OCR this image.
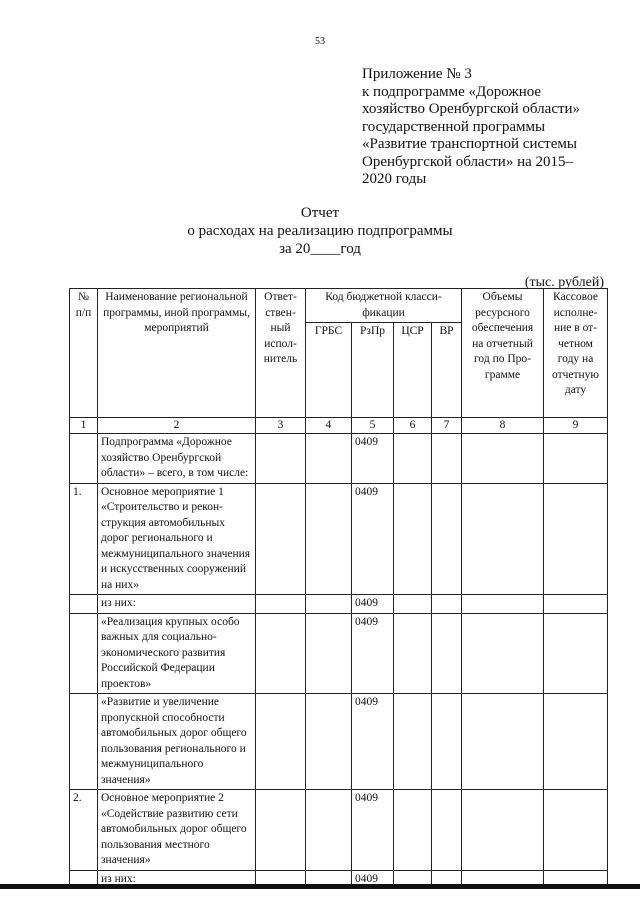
53
Приложение № 3
к подпрограмме «Дорожное
хозяйство Оренбургской области»
государственной программы
«Развитие транспортной системы
Оренбургской области» на 2015–
2020 годы
Отчет
о расходах на реализацию подпрограммы
за 20____год
(тыс. рублей)
№ п/п	Наименование региональной программы, иной программы, мероприятий	Ответственный исполнитель	Код бюджетной классификации				Объемы ресурсного обеспечения на отчетный год по Программе	Кассовое исполнение в отчетном году на отчетную дату
			ГРБС	РзПр	ЦСР	ВР		
1	2	3	4	5	6	7	8	9
	Подпрограмма «Дорожное хозяйство Оренбургской области» – всего, в том числе:			0409				
1.	Основное мероприятие 1 «Строительство и реконструкция автомобильных дорог регионального и межмуниципального значения и искусственных сооружений на них»			0409				
	из них:			0409				
	«Реализация крупных особо важных для социально-экономического развития Российской Федерации проектов»			0409				
	«Развитие и увеличение пропускной способности автомобильных дорог общего пользования регионального и межмуниципального значения»			0409				
2.	Основное мероприятие 2 «Содействие развитию сети автомобильных дорог общего пользования местного значения»			0409				
	из них:			0409				
